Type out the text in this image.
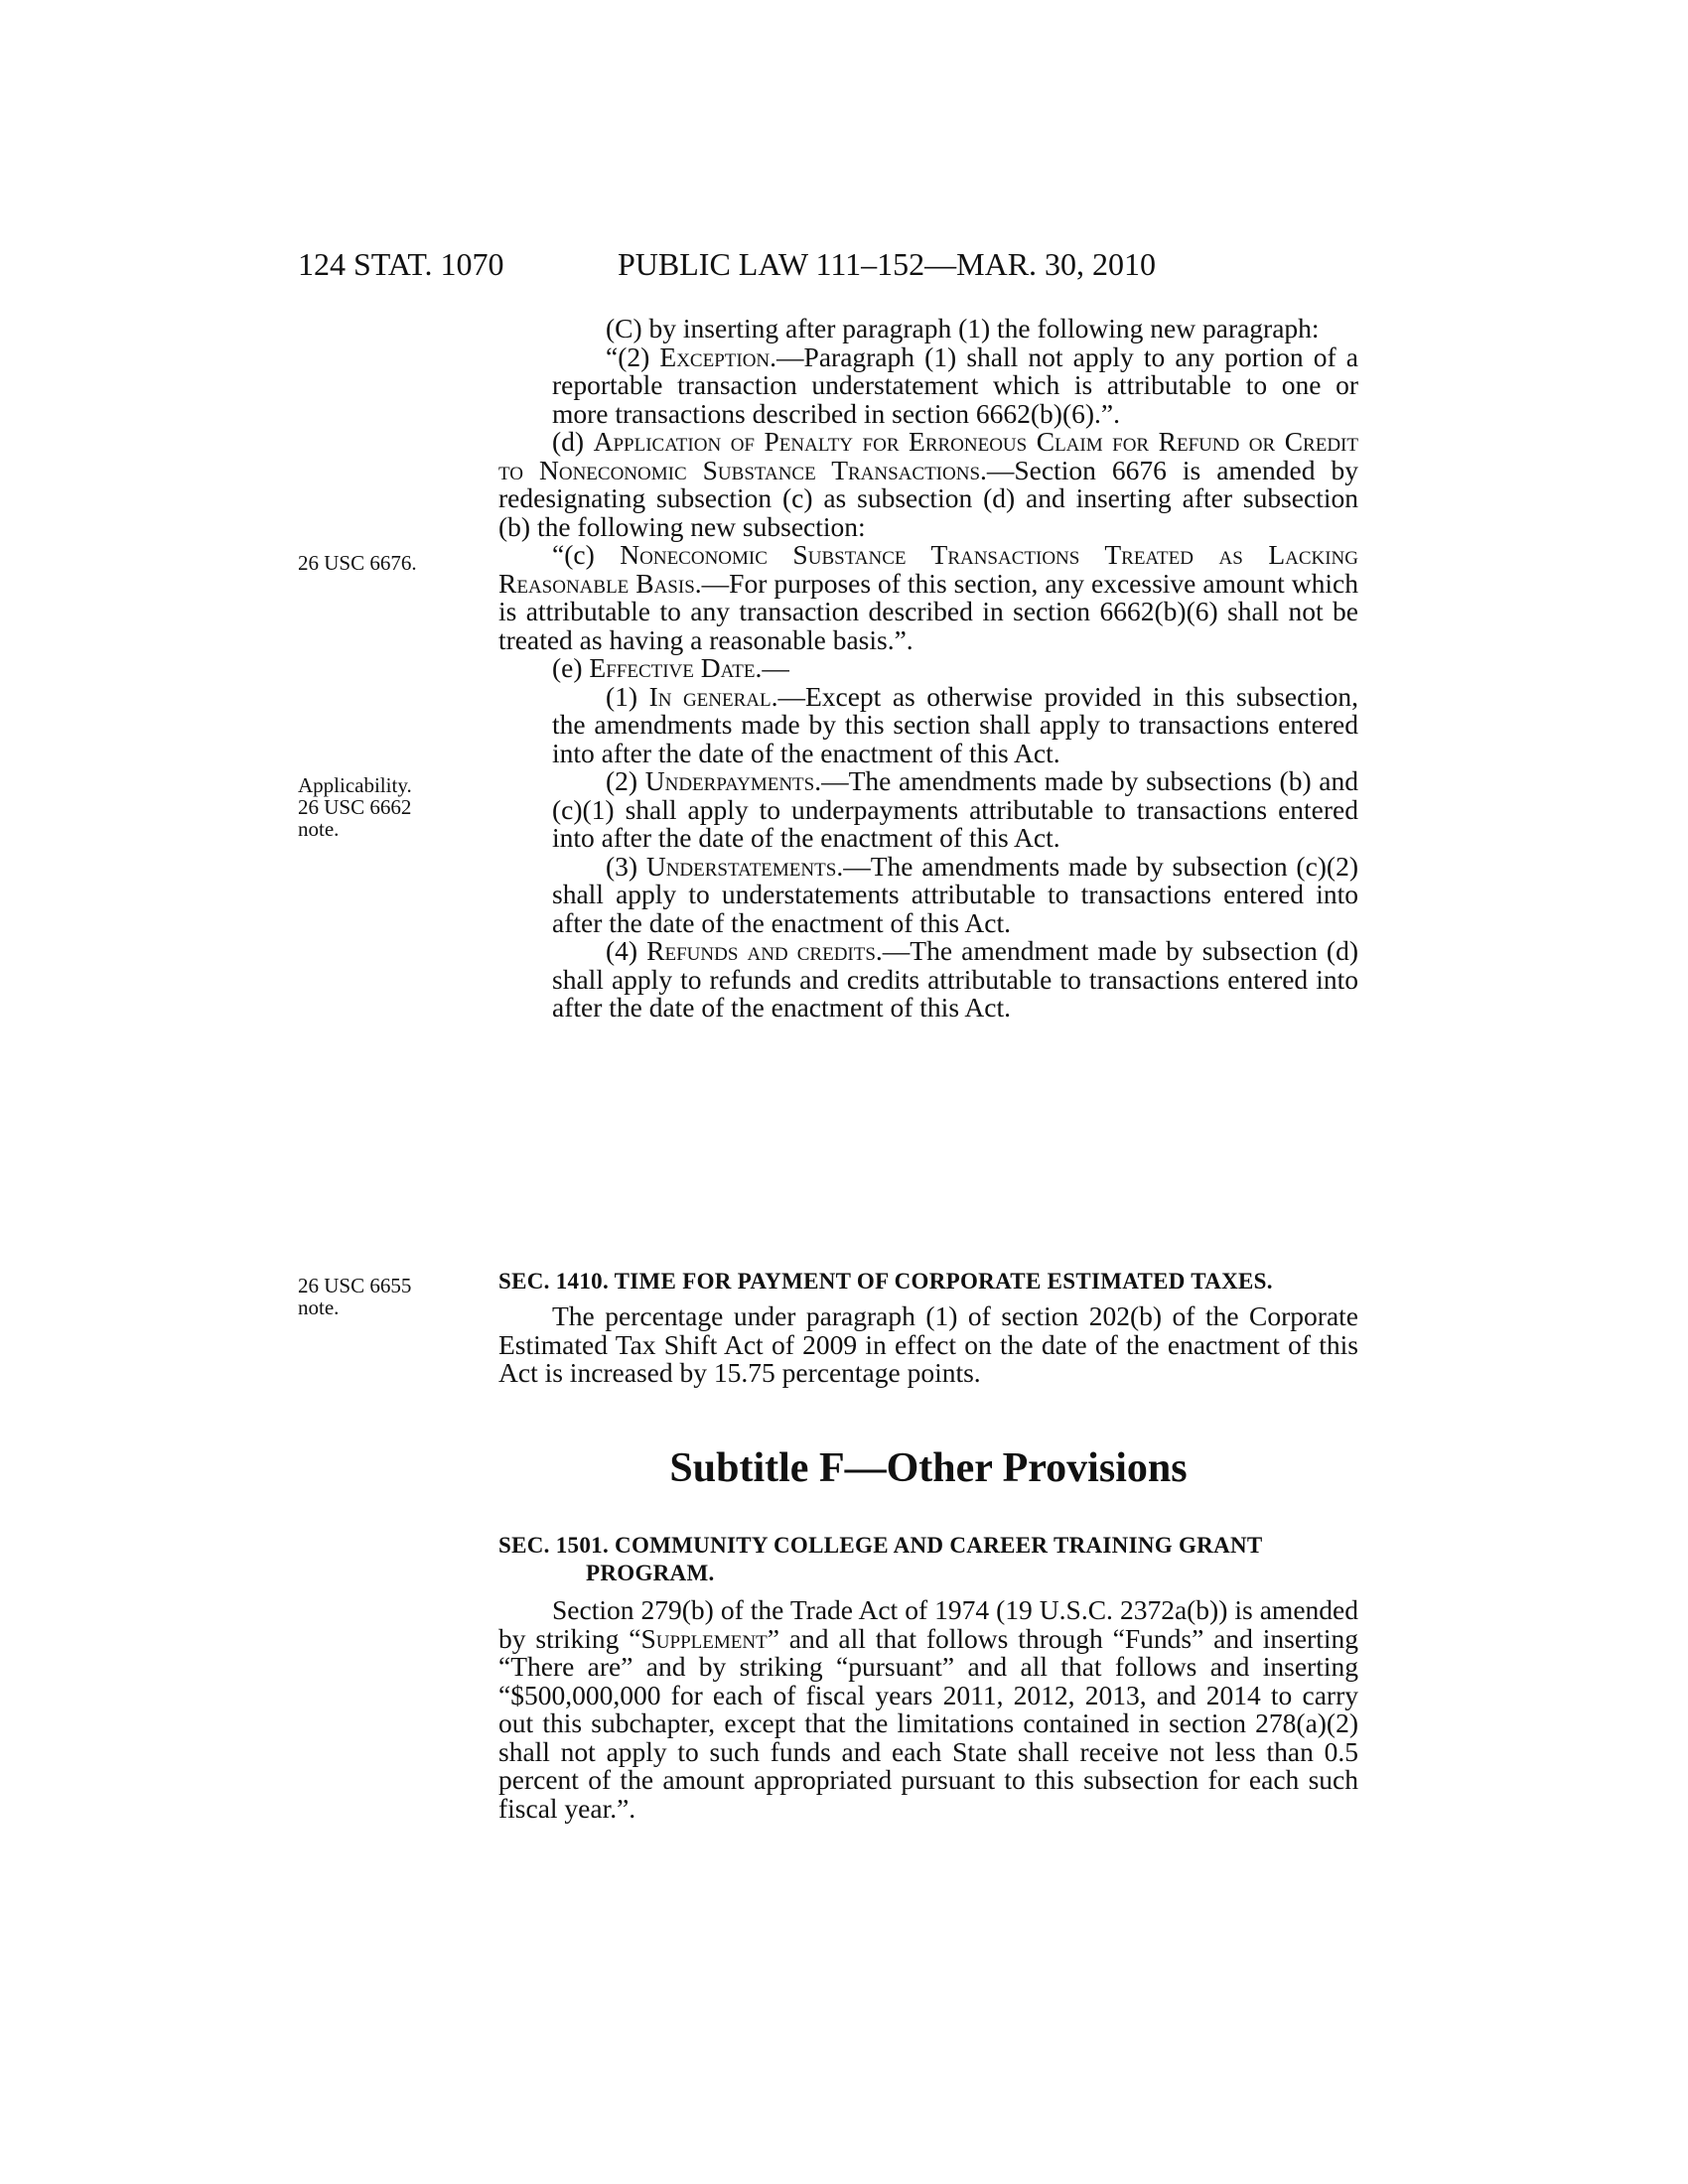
124 STAT. 1070	PUBLIC LAW 111–152—MAR. 30, 2010
26 USC 6676.
Applicability.
26 USC 6662
note.
26 USC 6655
note.

(C) by inserting after paragraph (1) the following new paragraph:

“(2) Exception.—Paragraph (1) shall not apply to any portion of a reportable transaction understatement which is attributable to one or more transactions described in section 6662(b)(6).”.

(d) Application of Penalty for Erroneous Claim for Refund or Credit to Noneconomic Substance Transactions.—Section 6676 is amended by redesignating subsection (c) as subsection (d) and inserting after subsection (b) the following new subsection:

“(c) Noneconomic Substance Transactions Treated as Lacking Reasonable Basis.—For purposes of this section, any excessive amount which is attributable to any transaction described in section 6662(b)(6) shall not be treated as having a reasonable basis.”.

(e) Effective Date.—

(1) In general.—Except as otherwise provided in this subsection, the amendments made by this section shall apply to transactions entered into after the date of the enactment of this Act.

(2) Underpayments.—The amendments made by subsections (b) and (c)(1) shall apply to underpayments attributable to transactions entered into after the date of the enactment of this Act.

(3) Understatements.—The amendments made by subsection (c)(2) shall apply to understatements attributable to transactions entered into after the date of the enactment of this Act.

(4) Refunds and credits.—The amendment made by subsection (d) shall apply to refunds and credits attributable to transactions entered into after the date of the enactment of this Act.

SEC. 1410. TIME FOR PAYMENT OF CORPORATE ESTIMATED TAXES.

The percentage under paragraph (1) of section 202(b) of the Corporate Estimated Tax Shift Act of 2009 in effect on the date of the enactment of this Act is increased by 15.75 percentage points.

Subtitle F—Other Provisions
SEC. 1501. COMMUNITY COLLEGE AND CAREER TRAINING GRANT PROGRAM.

Section 279(b) of the Trade Act of 1974 (19 U.S.C. 2372a(b)) is amended by striking “Supplement” and all that follows through “Funds” and inserting “There are” and by striking “pursuant” and all that follows and inserting “$500,000,000 for each of fiscal years 2011, 2012, 2013, and 2014 to carry out this subchapter, except that the limitations contained in section 278(a)(2) shall not apply to such funds and each State shall receive not less than 0.5 percent of the amount appropriated pursuant to this subsection for each such fiscal year.”.
